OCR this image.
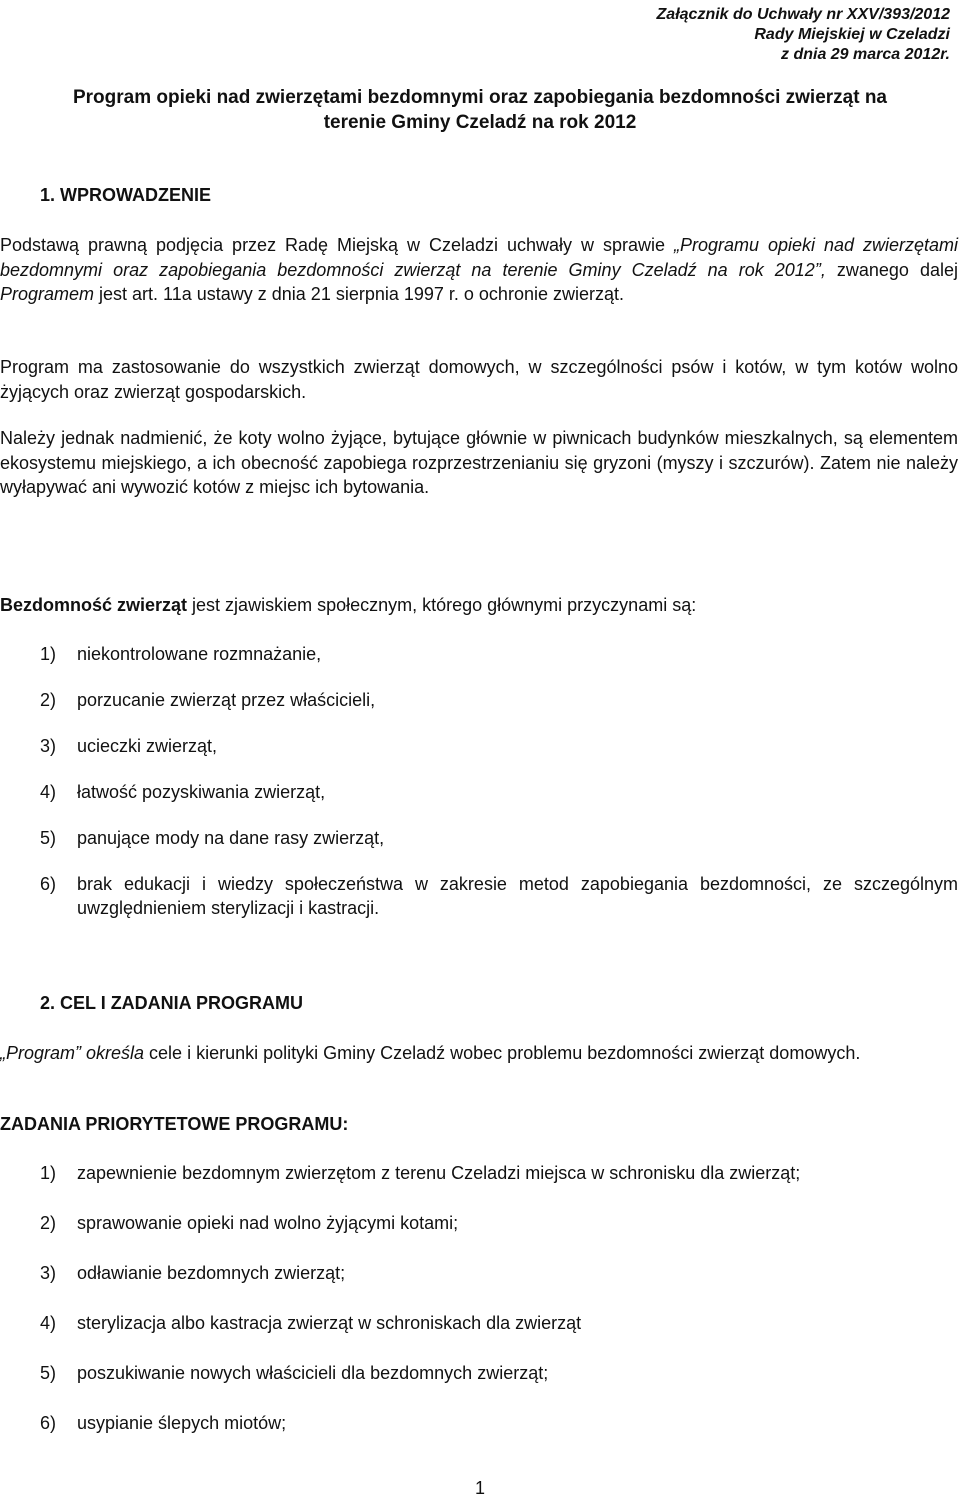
Załącznik do Uchwały nr XXV/393/2012
Rady Miejskiej w Czeladzi
z dnia 29 marca 2012r.
Program opieki nad zwierzętami bezdomnymi oraz zapobiegania bezdomności zwierząt na
terenie Gminy Czeladź na rok 2012
1. WPROWADZENIE
Podstawą prawną podjęcia przez Radę Miejską w Czeladzi uchwały w sprawie „Programu opieki nad zwierzętami bezdomnymi oraz zapobiegania bezdomności zwierząt na terenie Gminy Czeladź na rok 2012”, zwanego dalej Programem jest art. 11a ustawy z dnia 21 sierpnia 1997 r. o ochronie zwierząt.
Program ma zastosowanie do wszystkich zwierząt domowych, w szczególności psów i kotów, w tym kotów wolno żyjących oraz zwierząt gospodarskich.
Należy jednak nadmienić, że koty wolno żyjące, bytujące głównie w piwnicach budynków mieszkalnych, są elementem ekosystemu miejskiego, a ich obecność zapobiega rozprzestrzenianiu się gryzoni (myszy i szczurów). Zatem nie należy wyłapywać ani wywozić kotów z miejsc ich bytowania.
Bezdomność zwierząt jest zjawiskiem społecznym, którego głównymi przyczynami są:
1) niekontrolowane rozmnażanie,
2) porzucanie zwierząt przez właścicieli,
3) ucieczki zwierząt,
4) łatwość pozyskiwania zwierząt,
5) panujące mody na dane rasy zwierząt,
6) brak edukacji i wiedzy społeczeństwa w zakresie metod zapobiegania bezdomności, ze szczególnym uwzględnieniem sterylizacji i kastracji.
2. CEL I ZADANIA PROGRAMU
„Program” określa cele i kierunki polityki Gminy Czeladź wobec problemu bezdomności zwierząt domowych.
ZADANIA PRIORYTETOWE PROGRAMU:
1) zapewnienie bezdomnym zwierzętom z terenu Czeladzi miejsca w schronisku dla zwierząt;
2) sprawowanie opieki nad wolno żyjącymi kotami;
3) odławianie bezdomnych zwierząt;
4) sterylizacja albo kastracja zwierząt w schroniskach dla zwierząt
5) poszukiwanie nowych właścicieli dla bezdomnych zwierząt;
6) usypianie ślepych miotów;
1
